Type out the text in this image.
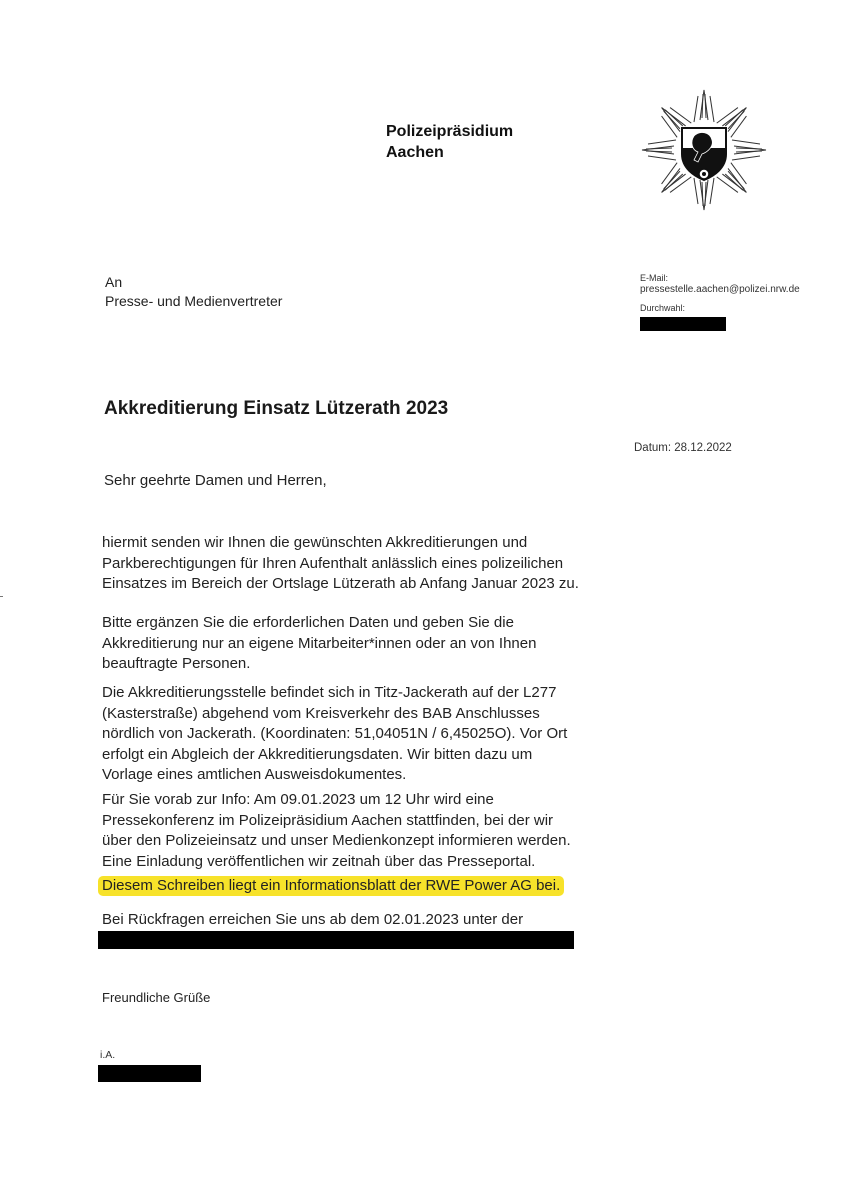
Polizeipräsidium
Aachen
An
Presse- und Medienvertreter
E-Mail:
pressestelle.aachen@polizei.nrw.de
Durchwahl:
Akkreditierung Einsatz Lützerath 2023
Datum: 28.12.2022
Sehr geehrte Damen und Herren,
hiermit senden wir Ihnen die gewünschten Akkreditierungen und
Parkberechtigungen für Ihren Aufenthalt anlässlich eines polizeilichen
Einsatzes im Bereich der Ortslage Lützerath ab Anfang Januar 2023 zu.
Bitte ergänzen Sie die erforderlichen Daten und geben Sie die
Akkreditierung nur an eigene Mitarbeiter*innen oder an von Ihnen
beauftragte Personen.
Die Akkreditierungsstelle befindet sich in Titz-Jackerath auf der L277
(Kasterstraße) abgehend vom Kreisverkehr des BAB Anschlusses
nördlich von Jackerath. (Koordinaten: 51,04051N / 6,45025O). Vor Ort
erfolgt ein Abgleich der Akkreditierungsdaten. Wir bitten dazu um
Vorlage eines amtlichen Ausweisdokumentes.
Für Sie vorab zur Info: Am 09.01.2023 um 12 Uhr wird eine
Pressekonferenz im Polizeipräsidium Aachen stattfinden, bei der wir
über den Polizeieinsatz und unser Medienkonzept informieren werden.
Eine Einladung veröffentlichen wir zeitnah über das Presseportal.
Diesem Schreiben liegt ein Informationsblatt der RWE Power AG bei.
Bei Rückfragen erreichen Sie uns ab dem 02.01.2023 unter der
Freundliche Grüße
i.A.
